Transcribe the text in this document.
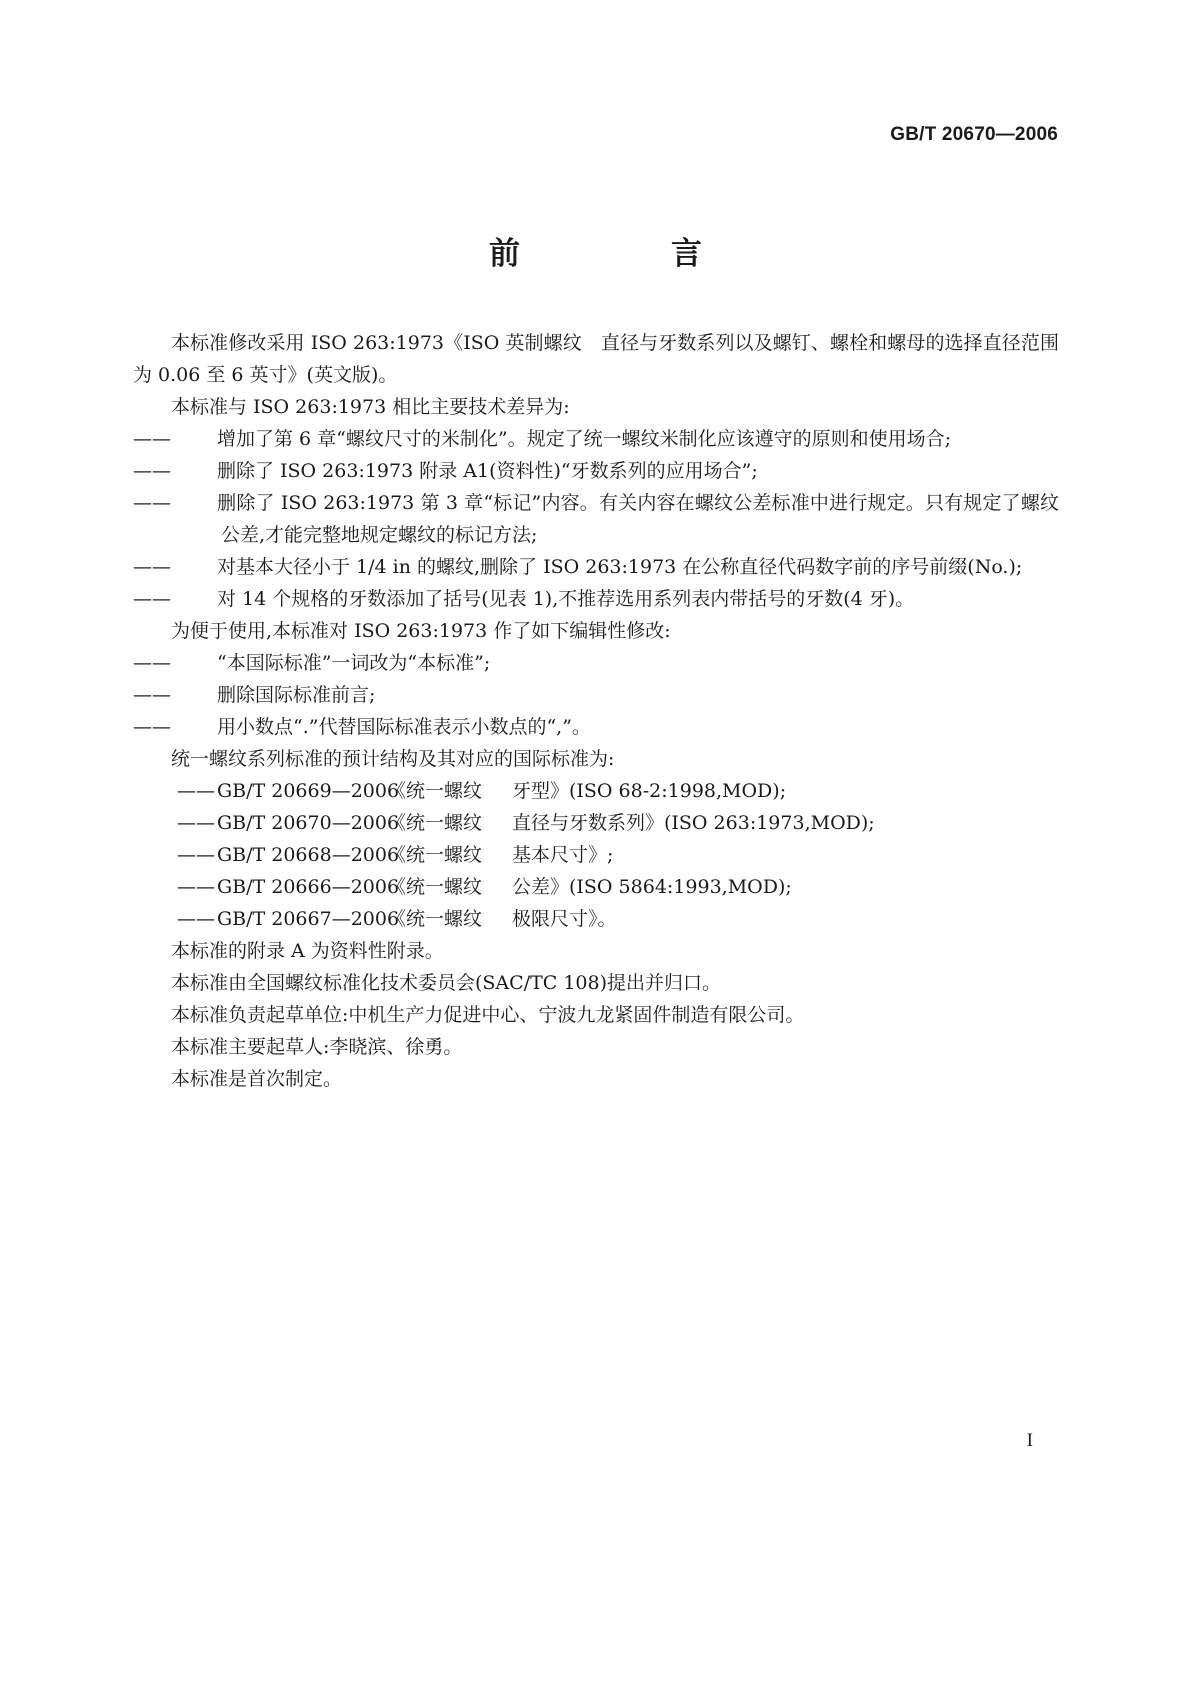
GB/T 20670—2006
前　言

本标准修改采用 ISO 263:1973《ISO 英制螺纹　直径与牙数系列以及螺钉、螺栓和螺母的选择直径范围为 0.06 至 6 英寸》(英文版)。

本标准与 ISO 263:1973 相比主要技术差异为:

—— 增加了第 6 章“螺纹尺寸的米制化”。规定了统一螺纹米制化应该遵守的原则和使用场合;

—— 删除了 ISO 263:1973 附录 A1(资料性)“牙数系列的应用场合”;

—— 删除了 ISO 263:1973 第 3 章“标记”内容。有关内容在螺纹公差标准中进行规定。只有规定了螺纹公差,才能完整地规定螺纹的标记方法;

—— 对基本大径小于 1/4 in 的螺纹,删除了 ISO 263:1973 在公称直径代码数字前的序号前缀(No.);

—— 对 14 个规格的牙数添加了括号(见表 1),不推荐选用系列表内带括号的牙数(4 牙)。

为便于使用,本标准对 ISO 263:1973 作了如下编辑性修改:

—— “本国际标准”一词改为“本标准”;

—— 删除国际标准前言;

—— 用小数点“.”代替国际标准表示小数点的“,”。

统一螺纹系列标准的预计结构及其对应的国际标准为:

—— GB/T 20669—2006《统一螺纹 牙型》(ISO 68-2:1998,MOD);

—— GB/T 20670—2006《统一螺纹 直径与牙数系列》(ISO 263:1973,MOD);

—— GB/T 20668—2006《统一螺纹 基本尺寸》;

—— GB/T 20666—2006《统一螺纹 公差》(ISO 5864:1993,MOD);

—— GB/T 20667—2006《统一螺纹 极限尺寸》。

本标准的附录 A 为资料性附录。

本标准由全国螺纹标准化技术委员会(SAC/TC 108)提出并归口。

本标准负责起草单位:中机生产力促进中心、宁波九龙紧固件制造有限公司。

本标准主要起草人:李晓滨、徐勇。

本标准是首次制定。

I
